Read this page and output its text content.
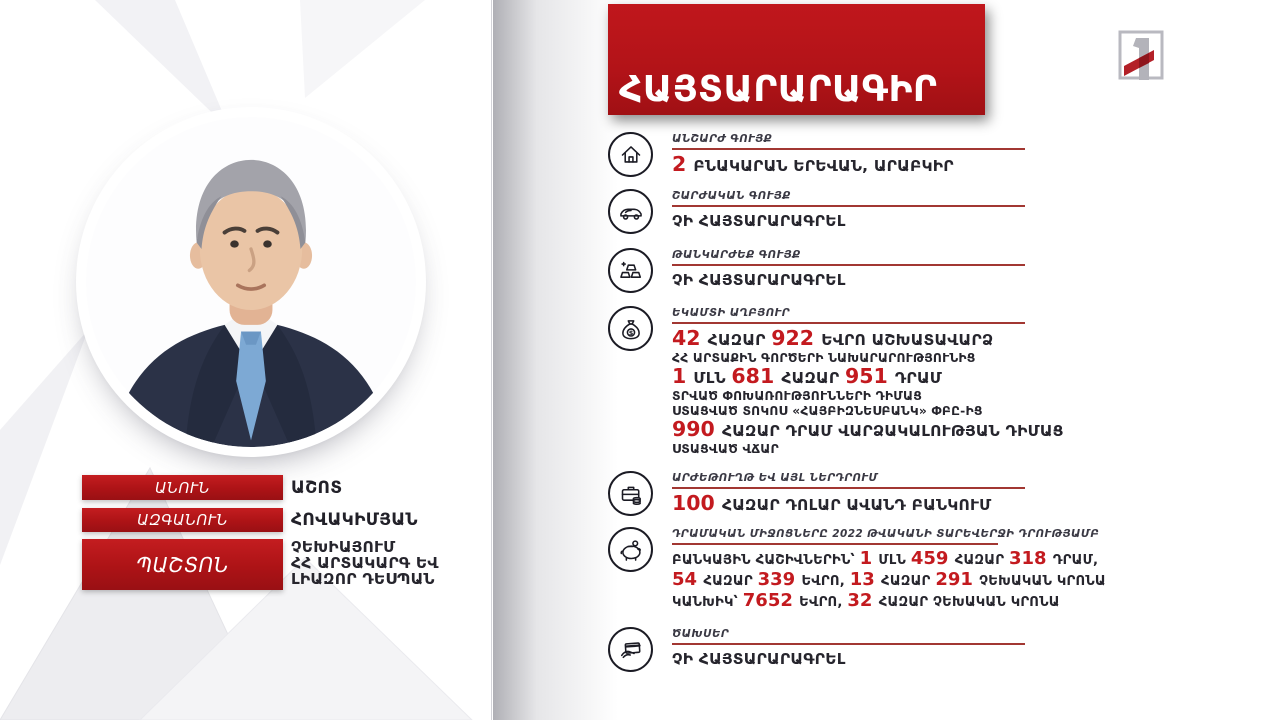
ԱՆՈՒՆ	ԱՇՈՏ
ԱԶԳԱՆՈՒՆ	ՀՈՎԱԿԻՄՅԱՆ
ՊԱՇՏՈՆ
ՉԵԽԻԱՅՈՒՄ
ՀՀ ԱՐՏԱԿԱՐԳ ԵՎ
ԼԻԱԶՈՐ ԴԵՍՊԱՆ
ՀԱՅՏԱՐԱՐԱԳԻՐ
ԱՆՇԱՐԺ ԳՈՒՅՔ
2 ԲՆԱԿԱՐԱՆ ԵՐԵՎԱՆ, ԱՐԱԲԿԻՐ
ՇԱՐԺԱԿԱՆ ԳՈՒՅՔ
ՉԻ ՀԱՅՏԱՐԱՐԱԳՐԵԼ
ԹԱՆԿԱՐԺԵՔ ԳՈՒՅՔ
ՉԻ ՀԱՅՏԱՐԱՐԱԳՐԵԼ
$
ԵԿԱՄՏԻ ԱՂԲՅՈՒՐ
42 ՀԱԶԱՐ 922 ԵՎՐՈ ԱՇԽԱՏԱՎԱՐՁ
ՀՀ ԱՐՏԱՔԻՆ ԳՈՐԾԵՐԻ ՆԱԽԱՐԱՐՈՒԹՅՈՒՆԻՑ
1 ՄԼՆ 681 ՀԱԶԱՐ 951 ԴՐԱՄ
ՏՐՎԱԾ ՓՈԽԱՌՈՒԹՅՈՒՆՆԵՐԻ ԴԻՄԱՑ
ՍՏԱՑՎԱԾ ՏՈԿՈՍ «ՀԱՅԲԻԶՆԵՍԲԱՆԿ» ՓԲԸ-ԻՑ
990 ՀԱԶԱՐ ԴՐԱՄ ՎԱՐՁԱԿԱԼՈՒԹՅԱՆ ԴԻՄԱՑ
ՍՏԱՑՎԱԾ ՎՃԱՐ
ԱՐԺԵԹՈՒՂԹ ԵՎ ԱՅԼ ՆԵՐԴՐՈՒՄ
100 ՀԱԶԱՐ ԴՈԼԱՐ ԱՎԱՆԴ ԲԱՆԿՈՒՄ
ԴՐԱՄԱԿԱՆ ՄԻՋՈՑՆԵՐԸ 2022 ԹՎԱԿԱՆԻ ՏԱՐԵՎԵՐՋԻ ԴՐՈՒԹՅԱՄԲ
ԲԱՆԿԱՅԻՆ ՀԱՇԻՎՆԵՐԻՆ՝ 1 ՄԼՆ 459 ՀԱԶԱՐ 318 ԴՐԱՄ,
54 ՀԱԶԱՐ 339 ԵՎՐՈ, 13 ՀԱԶԱՐ 291 ՉԵԽԱԿԱՆ ԿՐՈՆԱ
ԿԱՆԽԻԿ՝ 7652 ԵՎՐՈ, 32 ՀԱԶԱՐ ՉԵԽԱԿԱՆ ԿՐՈՆԱ
ԾԱԽՍԵՐ
ՉԻ ՀԱՅՏԱՐԱՐԱԳՐԵԼ
